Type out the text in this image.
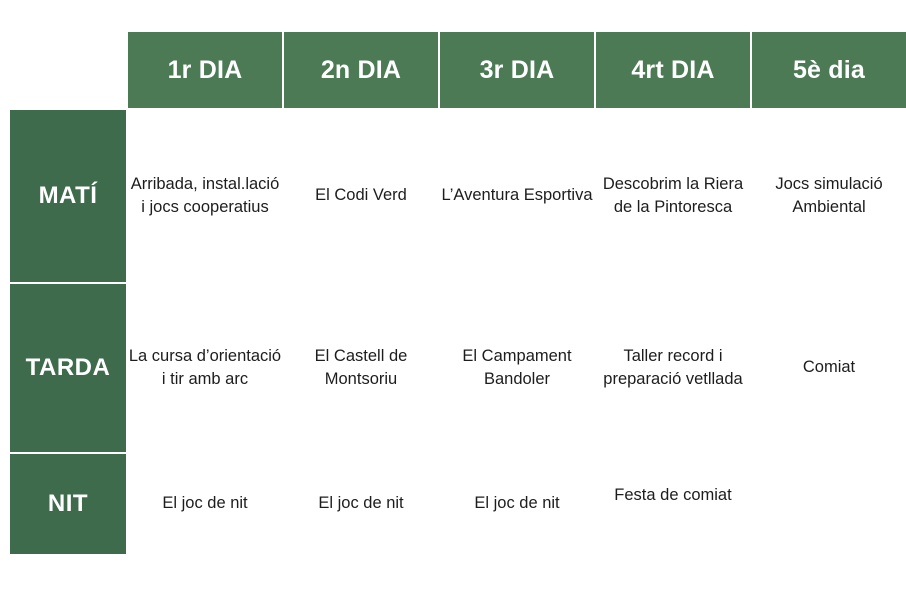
	1r DIA	2n DIA	3r DIA	4rt DIA	5è dia
MATÍ	Arribada, instal.lació i jocs cooperatius	El Codi Verd	L’Aventura Esportiva	Descobrim la Riera de la Pintoresca	Jocs simulació Ambiental
TARDA	La cursa d’orientació i tir amb arc	El Castell de Montsoriu	El Campament Bandoler	Taller record i preparació vetllada	Comiat
NIT	El joc de nit	El joc de nit	El joc de nit	Festa de comiat	
